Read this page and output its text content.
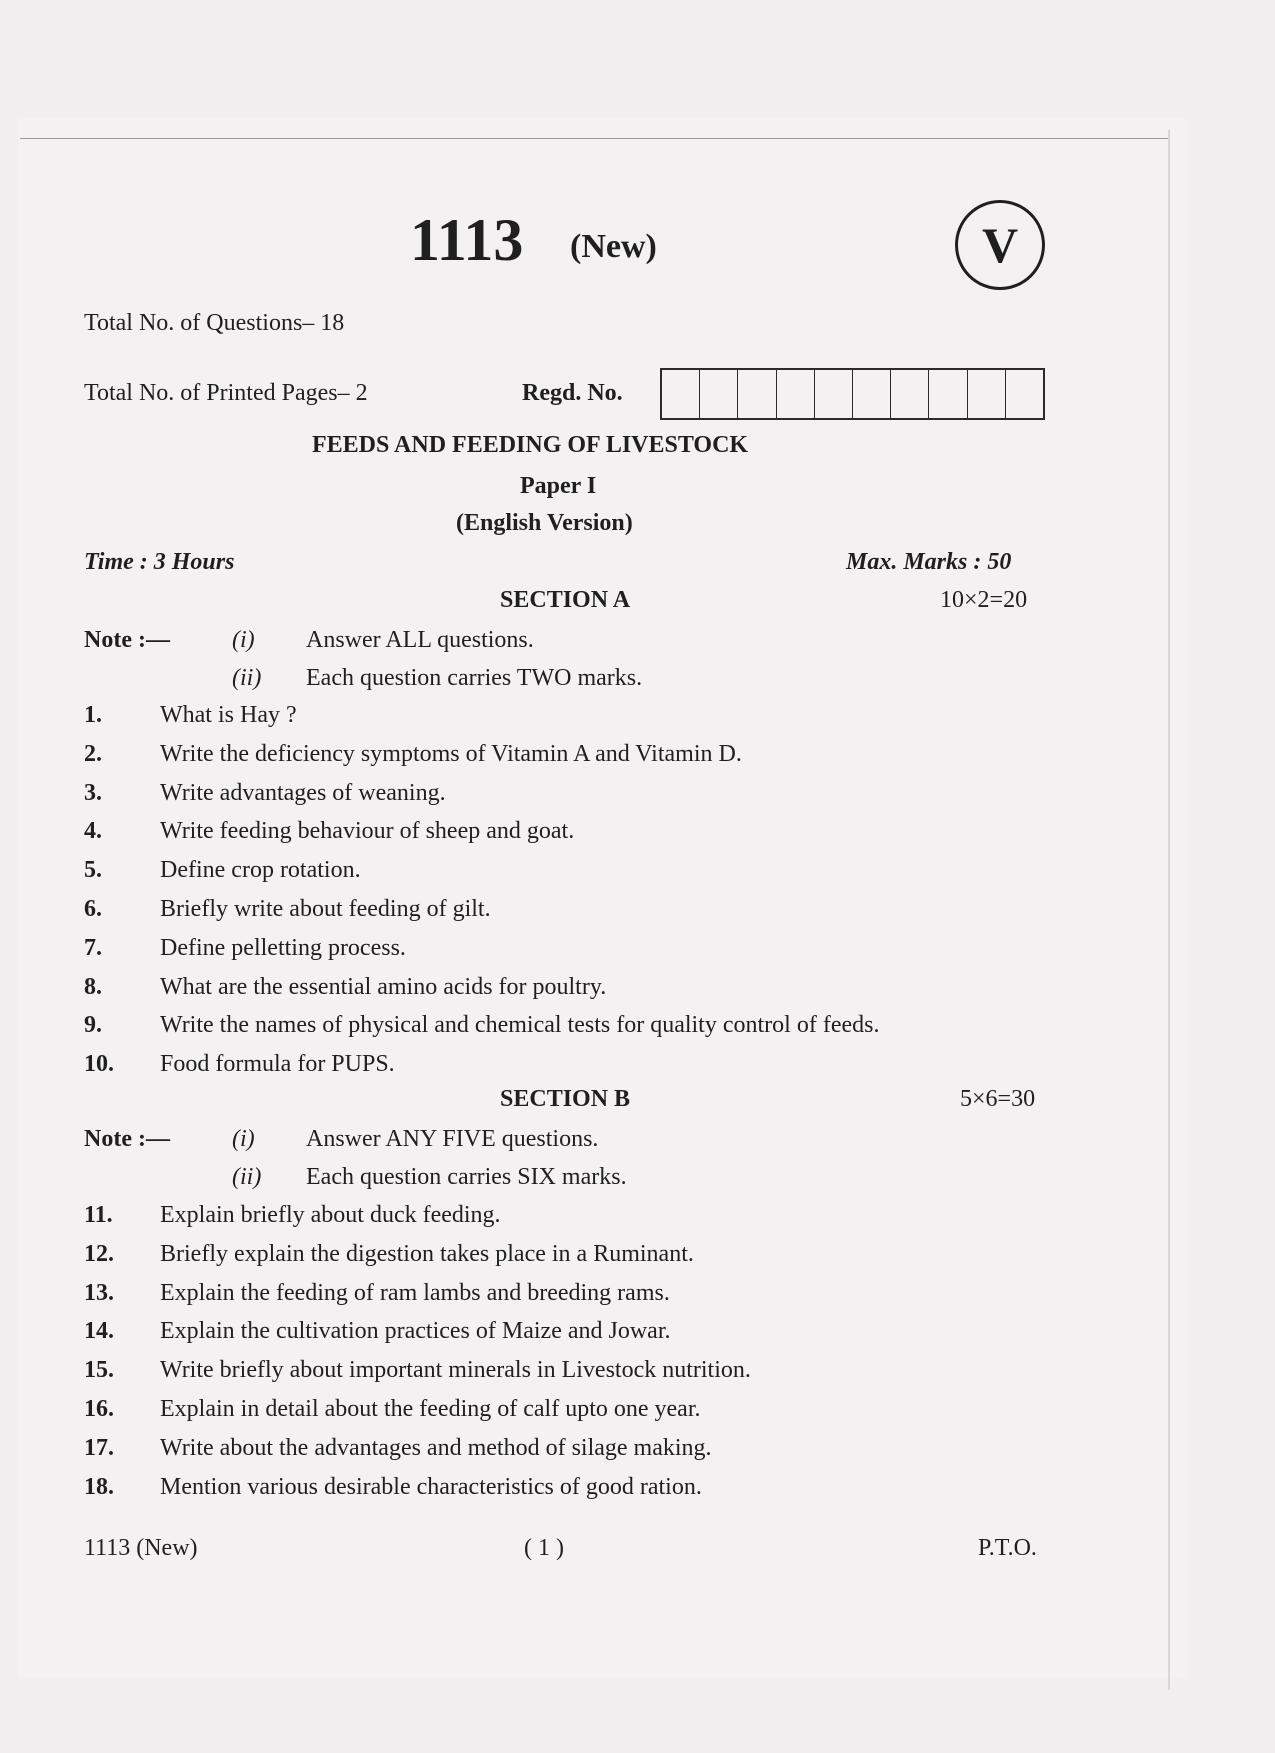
1113 (New)	V
Total No. of Questions– 18
Total No. of Printed Pages– 2	Regd. No.
FEEDS AND FEEDING OF LIVESTOCK
Paper I
(English Version)
Time : 3 Hours	Max. Marks : 50
SECTION A	10×2=20
Note :—	(i) Answer ALL questions.
(ii) Each question carries TWO marks.
1. What is Hay ?
2. Write the deficiency symptoms of Vitamin A and Vitamin D.
3. Write advantages of weaning.
4. Write feeding behaviour of sheep and goat.
5. Define crop rotation.
6. Briefly write about feeding of gilt.
7. Define pelletting process.
8. What are the essential amino acids for poultry.
9. Write the names of physical and chemical tests for quality control of feeds.
10. Food formula for PUPS.
SECTION B	5×6=30
Note :—	(i) Answer ANY FIVE questions.
(ii) Each question carries SIX marks.
11. Explain briefly about duck feeding.
12. Briefly explain the digestion takes place in a Ruminant.
13. Explain the feeding of ram lambs and breeding rams.
14. Explain the cultivation practices of Maize and Jowar.
15. Write briefly about important minerals in Livestock nutrition.
16. Explain in detail about the feeding of calf upto one year.
17. Write about the advantages and method of silage making.
18. Mention various desirable characteristics of good ration.
1113 (New)	( 1 )	P.T.O.
